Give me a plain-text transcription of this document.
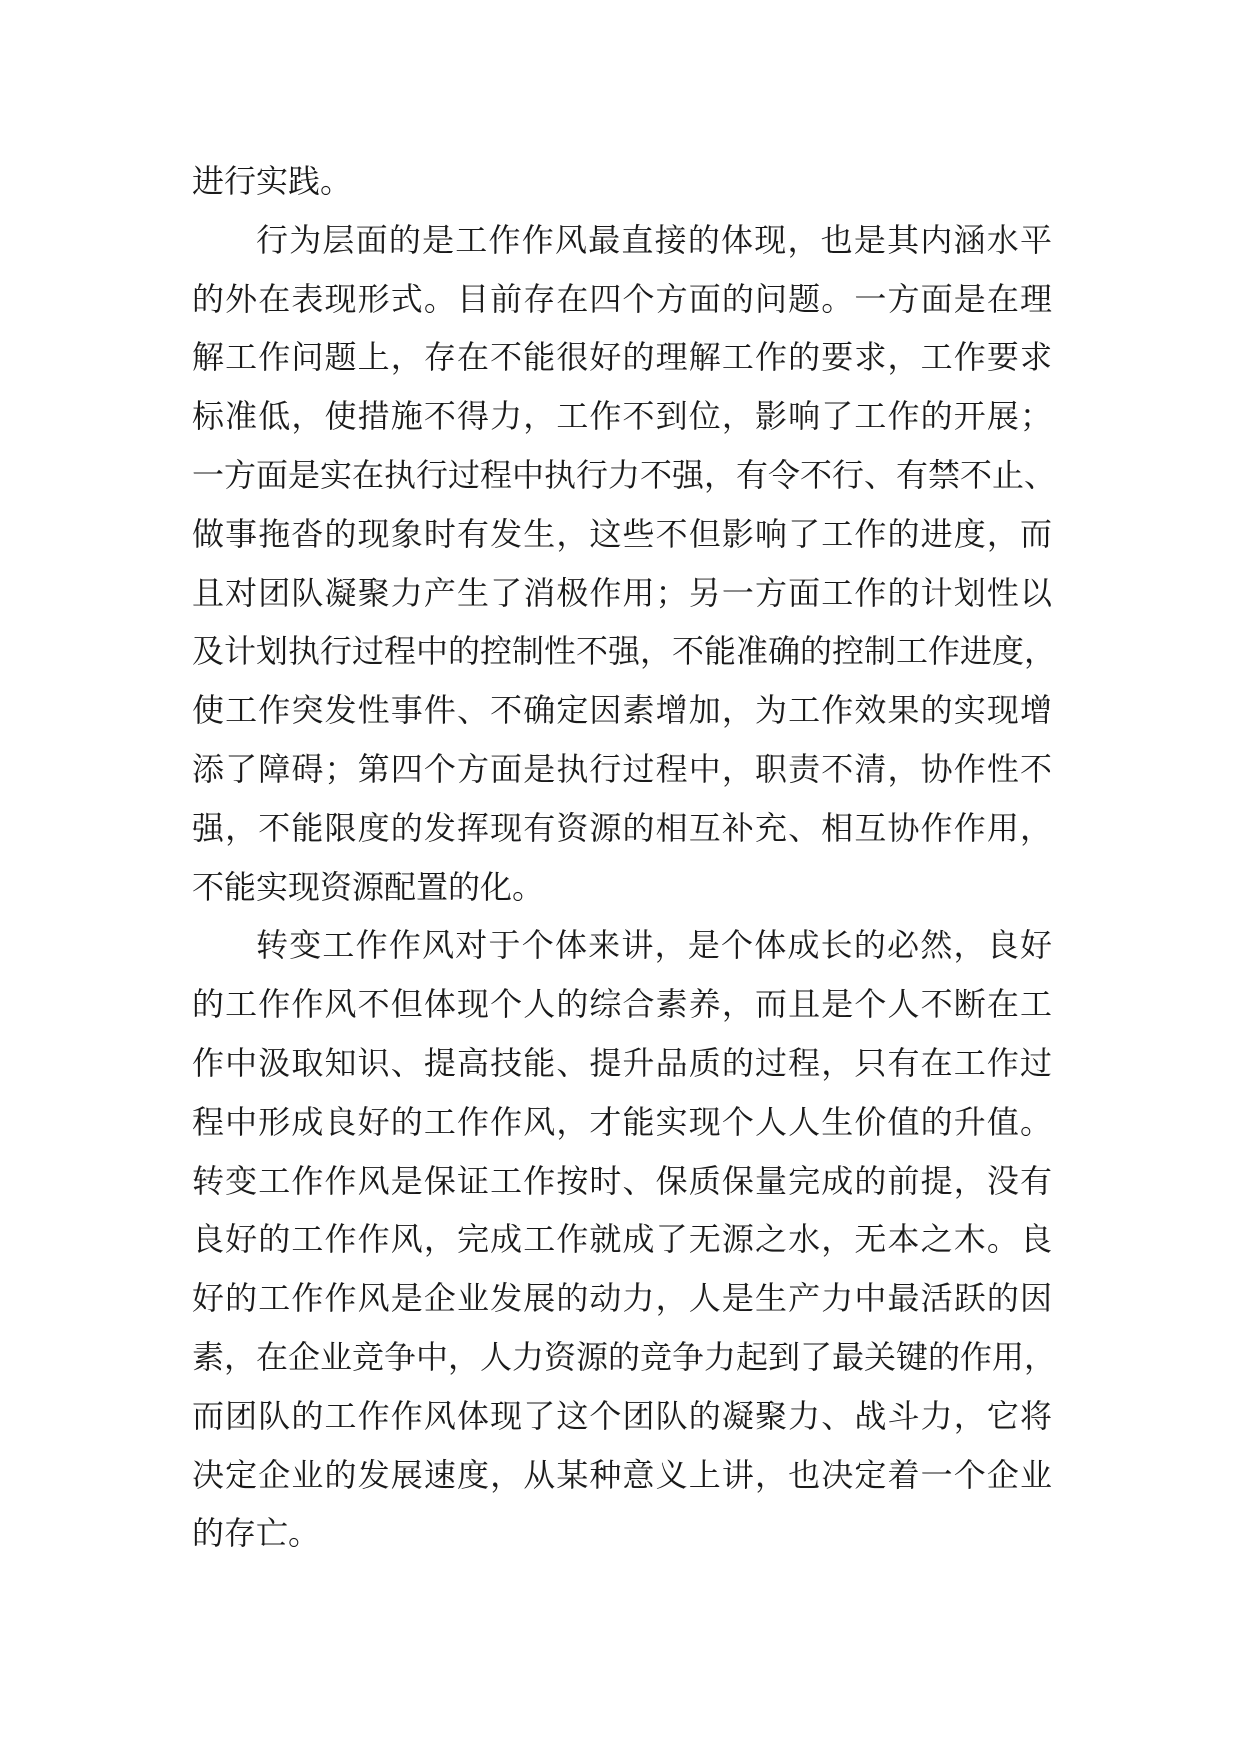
进行实践。
行为层面的是工作作风最直接的体现，也是其内涵水平
的外在表现形式。目前存在四个方面的问题。一方面是在理
解工作问题上，存在不能很好的理解工作的要求，工作要求
标准低，使措施不得力，工作不到位，影响了工作的开展；
一方面是实在执行过程中执行力不强，有令不行、有禁不止、
做事拖沓的现象时有发生，这些不但影响了工作的进度，而
且对团队凝聚力产生了消极作用；另一方面工作的计划性以
及计划执行过程中的控制性不强，不能准确的控制工作进度，
使工作突发性事件、不确定因素增加，为工作效果的实现增
添了障碍；第四个方面是执行过程中，职责不清，协作性不
强，不能限度的发挥现有资源的相互补充、相互协作作用，
不能实现资源配置的化。
转变工作作风对于个体来讲，是个体成长的必然，良好
的工作作风不但体现个人的综合素养，而且是个人不断在工
作中汲取知识、提高技能、提升品质的过程，只有在工作过
程中形成良好的工作作风，才能实现个人人生价值的升值。
转变工作作风是保证工作按时、保质保量完成的前提，没有
良好的工作作风，完成工作就成了无源之水，无本之木。良
好的工作作风是企业发展的动力，人是生产力中最活跃的因
素，在企业竞争中，人力资源的竞争力起到了最关键的作用，
而团队的工作作风体现了这个团队的凝聚力、战斗力，它将
决定企业的发展速度，从某种意义上讲，也决定着一个企业
的存亡。
